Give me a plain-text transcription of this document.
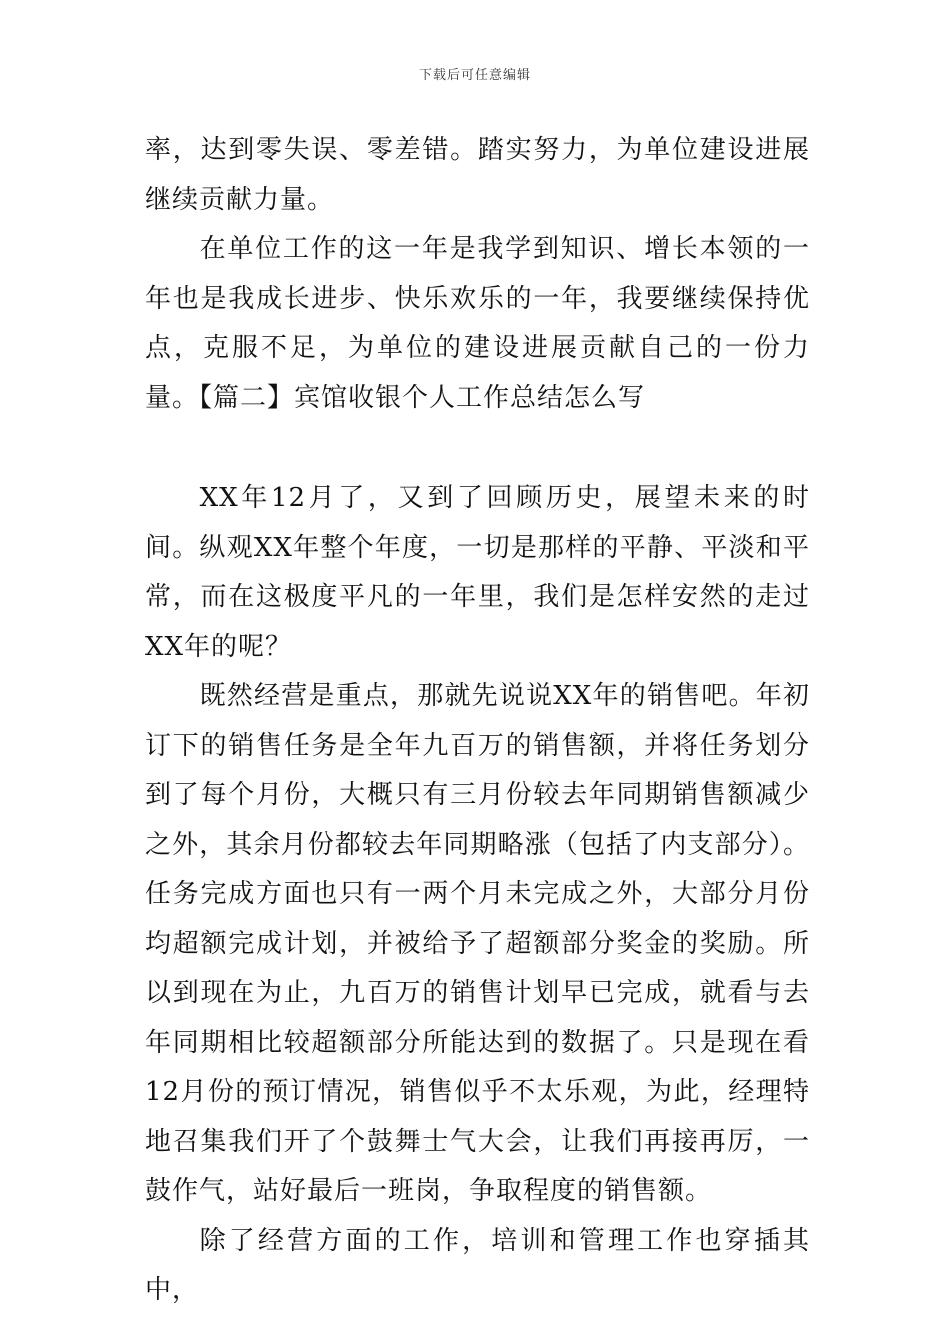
下载后可任意编辑

率，达到零失误、零差错。踏实努力，为单位建设进展继续贡献力量。

在单位工作的这一年是我学到知识、增长本领的一年也是我成长进步、快乐欢乐的一年，我要继续保持优点，克服不足，为单位的建设进展贡献自己的一份力量。【篇二】宾馆收银个人工作总结怎么写

XX年12月了，又到了回顾历史，展望未来的时间。纵观XX年整个年度，一切是那样的平静、平淡和平常，而在这极度平凡的一年里，我们是怎样安然的走过XX年的呢？

既然经营是重点，那就先说说XX年的销售吧。年初订下的销售任务是全年九百万的销售额，并将任务划分到了每个月份，大概只有三月份较去年同期销售额减少之外，其余月份都较去年同期略涨（包括了内支部分）。任务完成方面也只有一两个月未完成之外，大部分月份均超额完成计划，并被给予了超额部分奖金的奖励。所以到现在为止，九百万的销售计划早已完成，就看与去年同期相比较超额部分所能达到的数据了。只是现在看12月份的预订情况，销售似乎不太乐观，为此，经理特地召集我们开了个鼓舞士气大会，让我们再接再厉，一鼓作气，站好最后一班岗，争取程度的销售额。

除了经营方面的工作，培训和管理工作也穿插其中，
